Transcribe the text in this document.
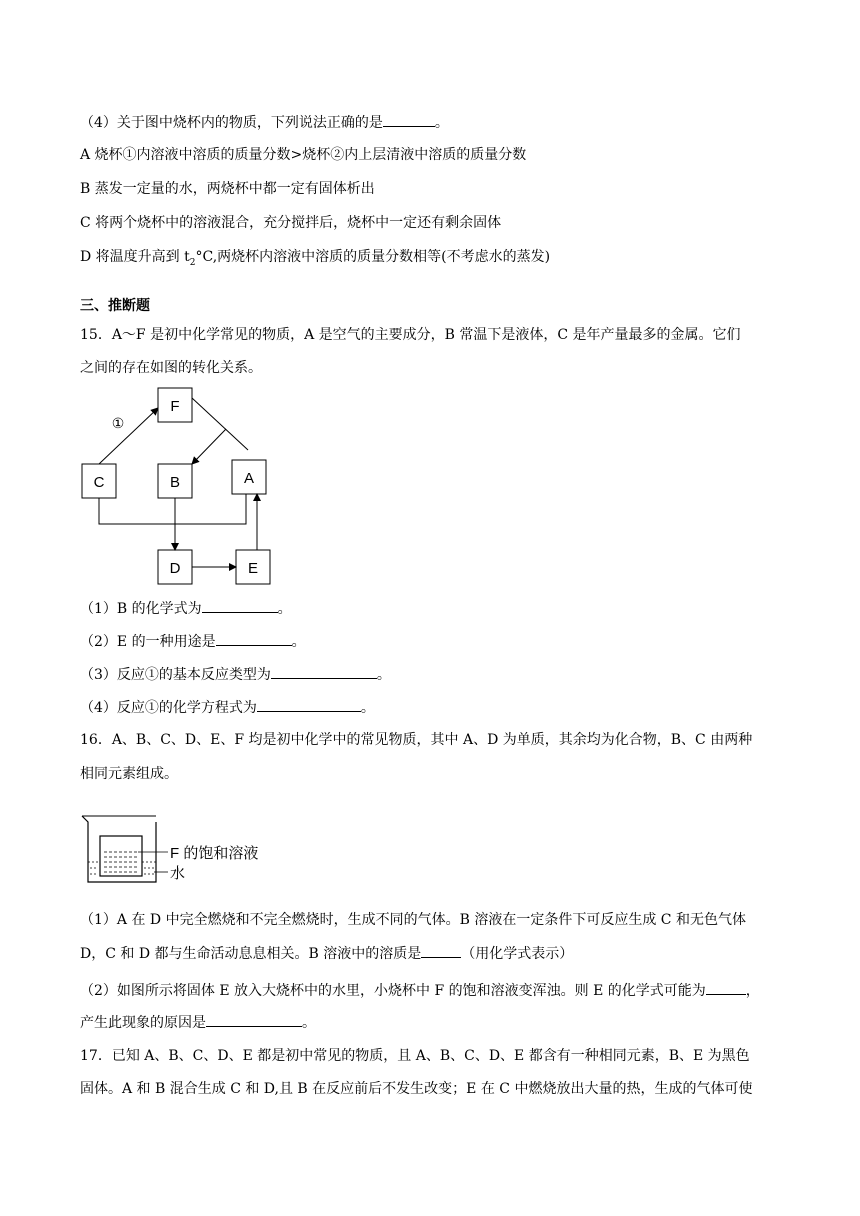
（4）关于图中烧杯内的物质，下列说法正确的是	。
A 烧杯①内溶液中溶质的质量分数>烧杯②内上层清液中溶质的质量分数
B 蒸发一定量的水，两烧杯中都一定有固体析出
C 将两个烧杯中的溶液混合，充分搅拌后，烧杯中一定还有剩余固体
D 将温度升高到 $t_2^\circ C$,两烧杯内溶液中溶质的质量分数相等(不考虑水的蒸发)
三、推断题
15．A～F 是初中化学常见的物质，A 是空气的主要成分，B 常温下是液体，C 是年产量最多的金属。它们
之间的存在如图的转化关系。
F
C	B	A
D	E
①
（1）B 的化学式为	。
（2）E 的一种用途是	。
（3）反应①的基本反应类型为	。
（4）反应①的化学方程式为	。
16．A、B、C、D、E、F 均是初中化学中的常见物质，其中 A、D 为单质，其余均为化合物，B、C 由两种
相同元素组成。
F 的饱和溶液
水
（1）A 在 D 中完全燃烧和不完全燃烧时，生成不同的气体。B 溶液在一定条件下可反应生成 C 和无色气体
D，C 和 D 都与生命活动息息相关。B 溶液中的溶质是	（用化学式表示）
（2）如图所示将固体 E 放入大烧杯中的水里，小烧杯中 F 的饱和溶液变浑浊。则 E 的化学式可能为	，
产生此现象的原因是	。
17．已知 A、B、C、D、E 都是初中常见的物质，且 A、B、C、D、E 都含有一种相同元素，B、E 为黑色
固体。A 和 B 混合生成 C 和 D,且 B 在反应前后不发生改变；E 在 C 中燃烧放出大量的热，生成的气体可使
